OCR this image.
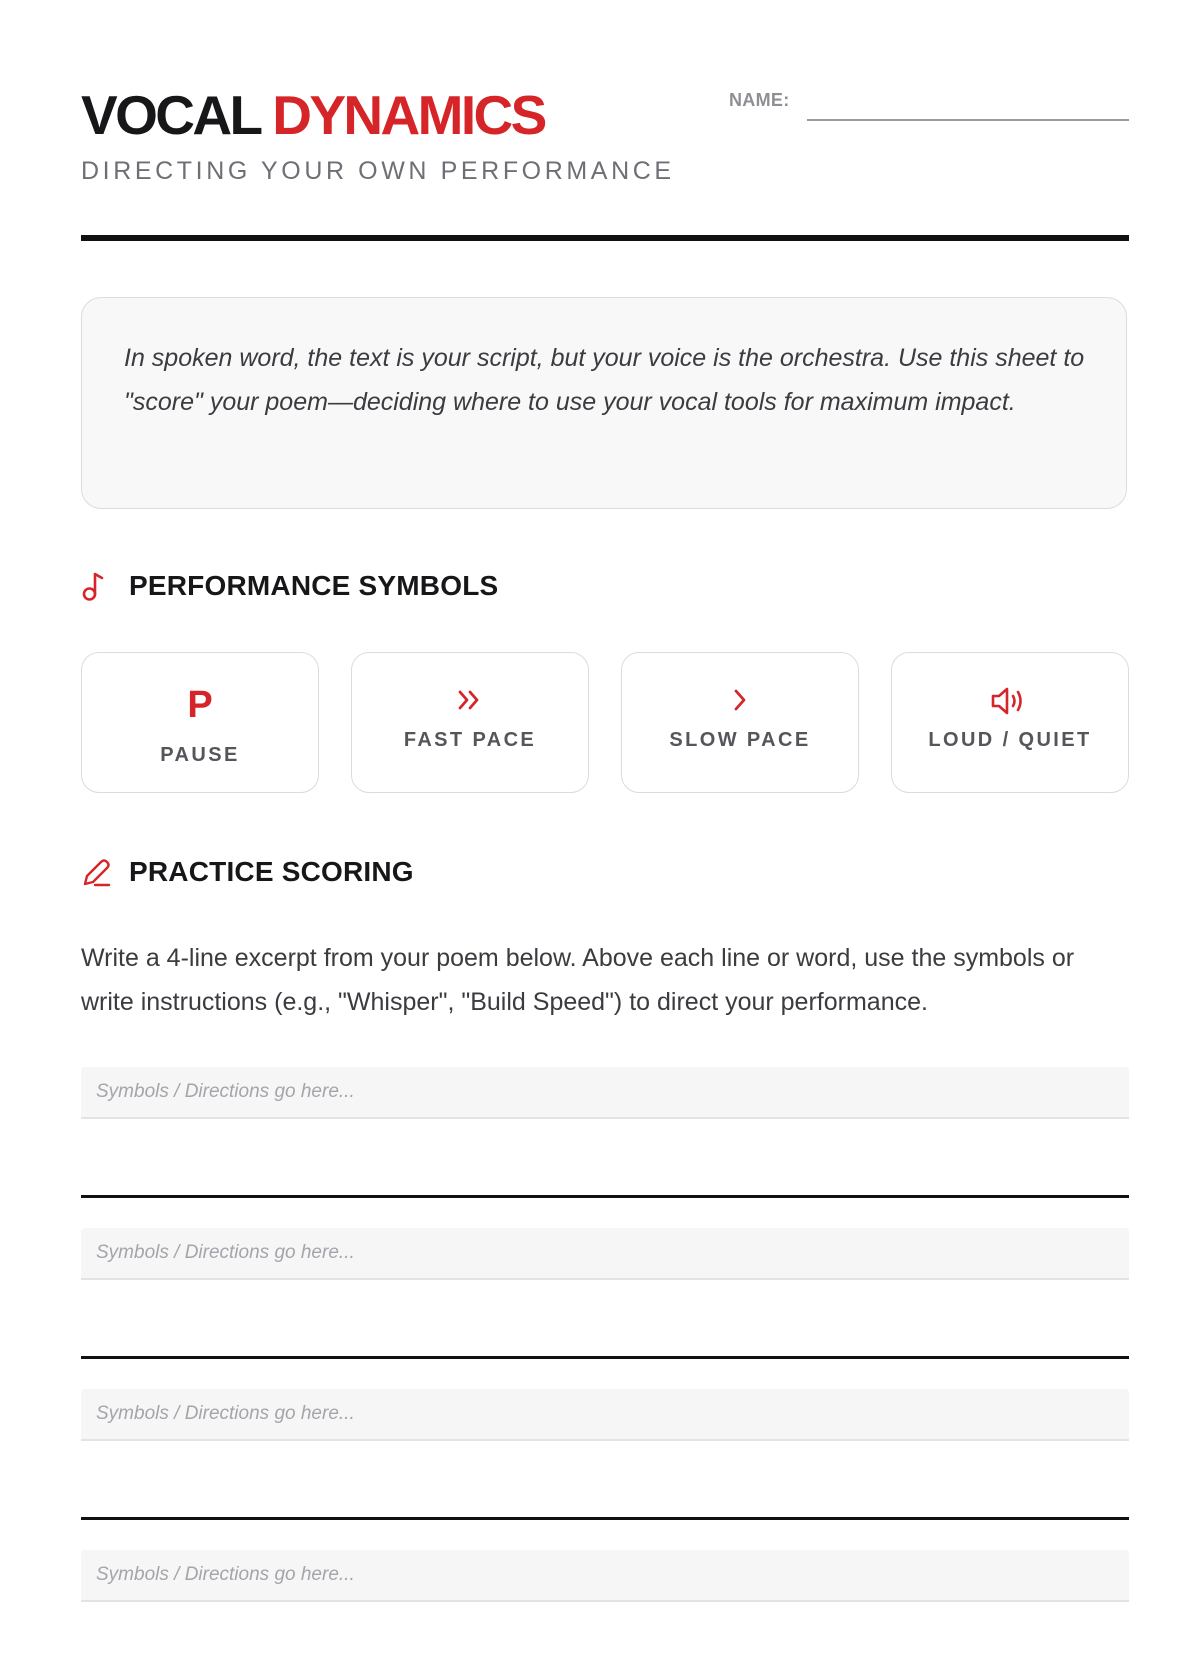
VOCAL DYNAMICS
DIRECTING YOUR OWN PERFORMANCE
NAME:
In spoken word, the text is your script, but your voice is the orchestra. Use this sheet to "score" your poem—deciding where to use your vocal tools for maximum impact.
PERFORMANCE SYMBOLS
P
PAUSE
FAST PACE	SLOW PACE	LOUD / QUIET
PRACTICE SCORING
Write a 4-line excerpt from your poem below. Above each line or word, use the symbols or write instructions (e.g., "Whisper", "Build Speed") to direct your performance.
Symbols / Directions go here...
Symbols / Directions go here...
Symbols / Directions go here...
Symbols / Directions go here...
